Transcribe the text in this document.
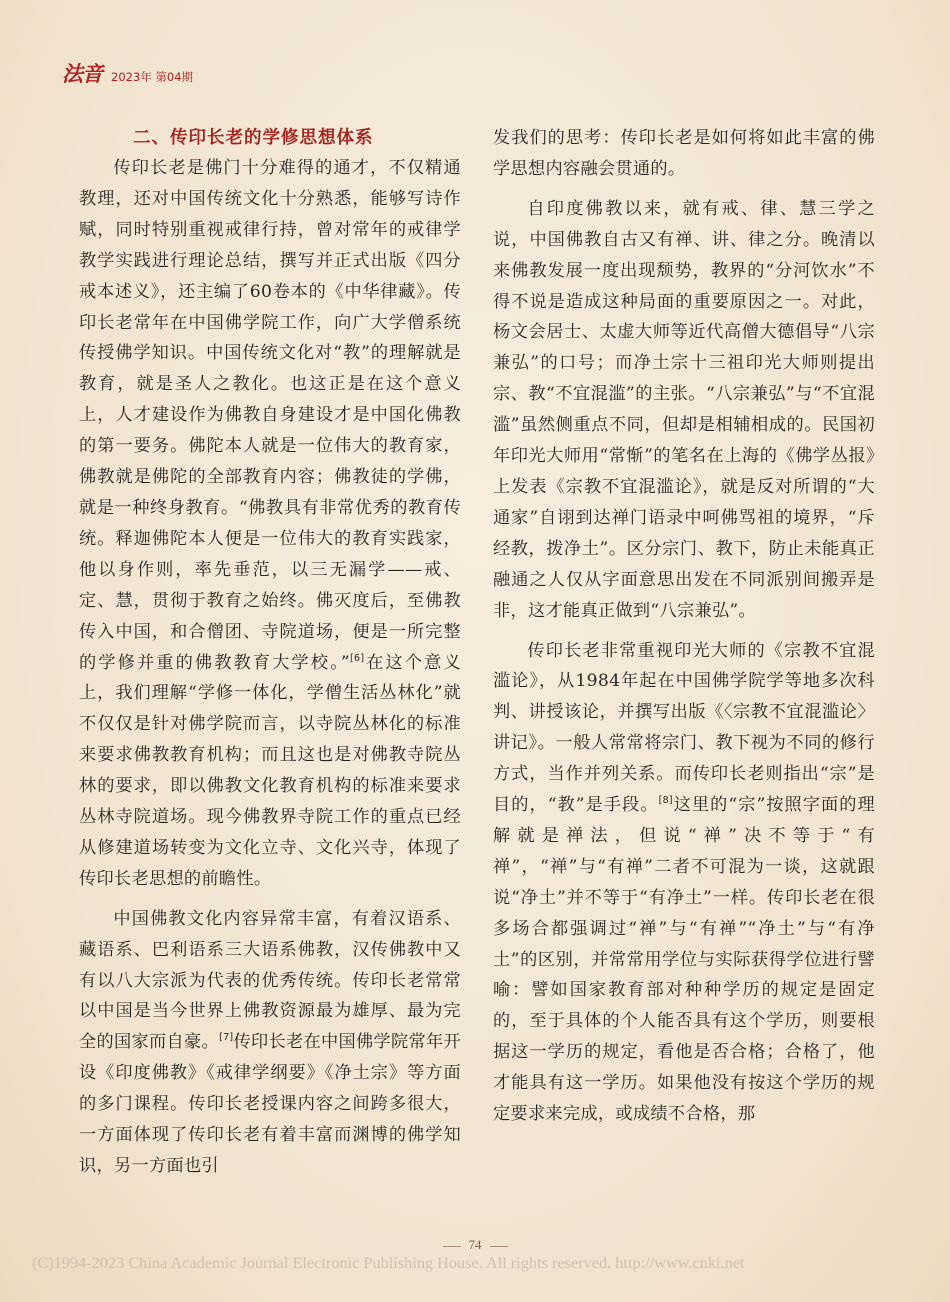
法音 2023年 第04期
二、传印长老的学修思想体系

传印长老是佛门十分难得的通才，不仅精通教理，还对中国传统文化十分熟悉，能够写诗作赋，同时特别重视戒律行持，曾对常年的戒律学教学实践进行理论总结，撰写并正式出版《四分戒本述义》，还主编了60卷本的《中华律藏》。传印长老常年在中国佛学院工作，向广大学僧系统传授佛学知识。中国传统文化对“教”的理解就是教育，就是圣人之教化。也这正是在这个意义上，人才建设作为佛教自身建设才是中国化佛教的第一要务。佛陀本人就是一位伟大的教育家，佛教就是佛陀的全部教育内容；佛教徒的学佛，就是一种终身教育。“佛教具有非常优秀的教育传统。释迦佛陀本人便是一位伟大的教育实践家，他以身作则，率先垂范，以三无漏学——戒、定、慧，贯彻于教育之始终。佛灭度后，至佛教传入中国，和合僧团、寺院道场，便是一所完整的学修并重的佛教教育大学校。”[6]在这个意义上，我们理解“学修一体化，学僧生活丛林化”就不仅仅是针对佛学院而言，以寺院丛林化的标准来要求佛教教育机构；而且这也是对佛教寺院丛林的要求，即以佛教文化教育机构的标准来要求丛林寺院道场。现今佛教界寺院工作的重点已经从修建道场转变为文化立寺、文化兴寺，体现了传印长老思想的前瞻性。

中国佛教文化内容异常丰富，有着汉语系、藏语系、巴利语系三大语系佛教，汉传佛教中又有以八大宗派为代表的优秀传统。传印长老常常以中国是当今世界上佛教资源最为雄厚、最为完全的国家而自豪。[7]传印长老在中国佛学院常年开设《印度佛教》《戒律学纲要》《净土宗》等方面的多门课程。传印长老授课内容之间跨多很大，一方面体现了传印长老有着丰富而渊博的佛学知识，另一方面也引

发我们的思考：传印长老是如何将如此丰富的佛学思想内容融会贯通的。

自印度佛教以来，就有戒、律、慧三学之说，中国佛教自古又有禅、讲、律之分。晚清以来佛教发展一度出现颓势，教界的“分河饮水”不得不说是造成这种局面的重要原因之一。对此，杨文会居士、太虚大师等近代高僧大德倡导“八宗兼弘”的口号；而净土宗十三祖印光大师则提出宗、教“不宜混滥”的主张。“八宗兼弘”与“不宜混滥”虽然侧重点不同，但却是相辅相成的。民国初年印光大师用“常惭”的笔名在上海的《佛学丛报》上发表《宗教不宜混滥论》，就是反对所谓的“大通家”自诩到达禅门语录中呵佛骂祖的境界，“斥经教，拨净土”。区分宗门、教下，防止未能真正融通之人仅从字面意思出发在不同派别间搬弄是非，这才能真正做到“八宗兼弘”。

传印长老非常重视印光大师的《宗教不宜混滥论》，从1984年起在中国佛学院学等地多次科判、讲授该论，并撰写出版《〈宗教不宜混滥论〉讲记》。一般人常常将宗门、教下视为不同的修行方式，当作并列关系。而传印长老则指出“宗”是目的，“教”是手段。[8]这里的“宗”按照字面的理解就是禅法，但说“禅”决不等于“有禅”，“禅”与“有禅”二者不可混为一谈，这就跟说“净土”并不等于“有净土”一样。传印长老在很多场合都强调过“禅”与“有禅”“净土”与“有净土”的区别，并常常用学位与实际获得学位进行譬喻：譬如国家教育部对种种学历的规定是固定的，至于具体的个人能否具有这个学历，则要根据这一学历的规定，看他是否合格；合格了，他才能具有这一学历。如果他没有按这个学历的规定要求来完成，或成绩不合格，那

74
(C)1994-2023 China Academic Journal Electronic Publishing House. All rights reserved. http://www.cnki.net
